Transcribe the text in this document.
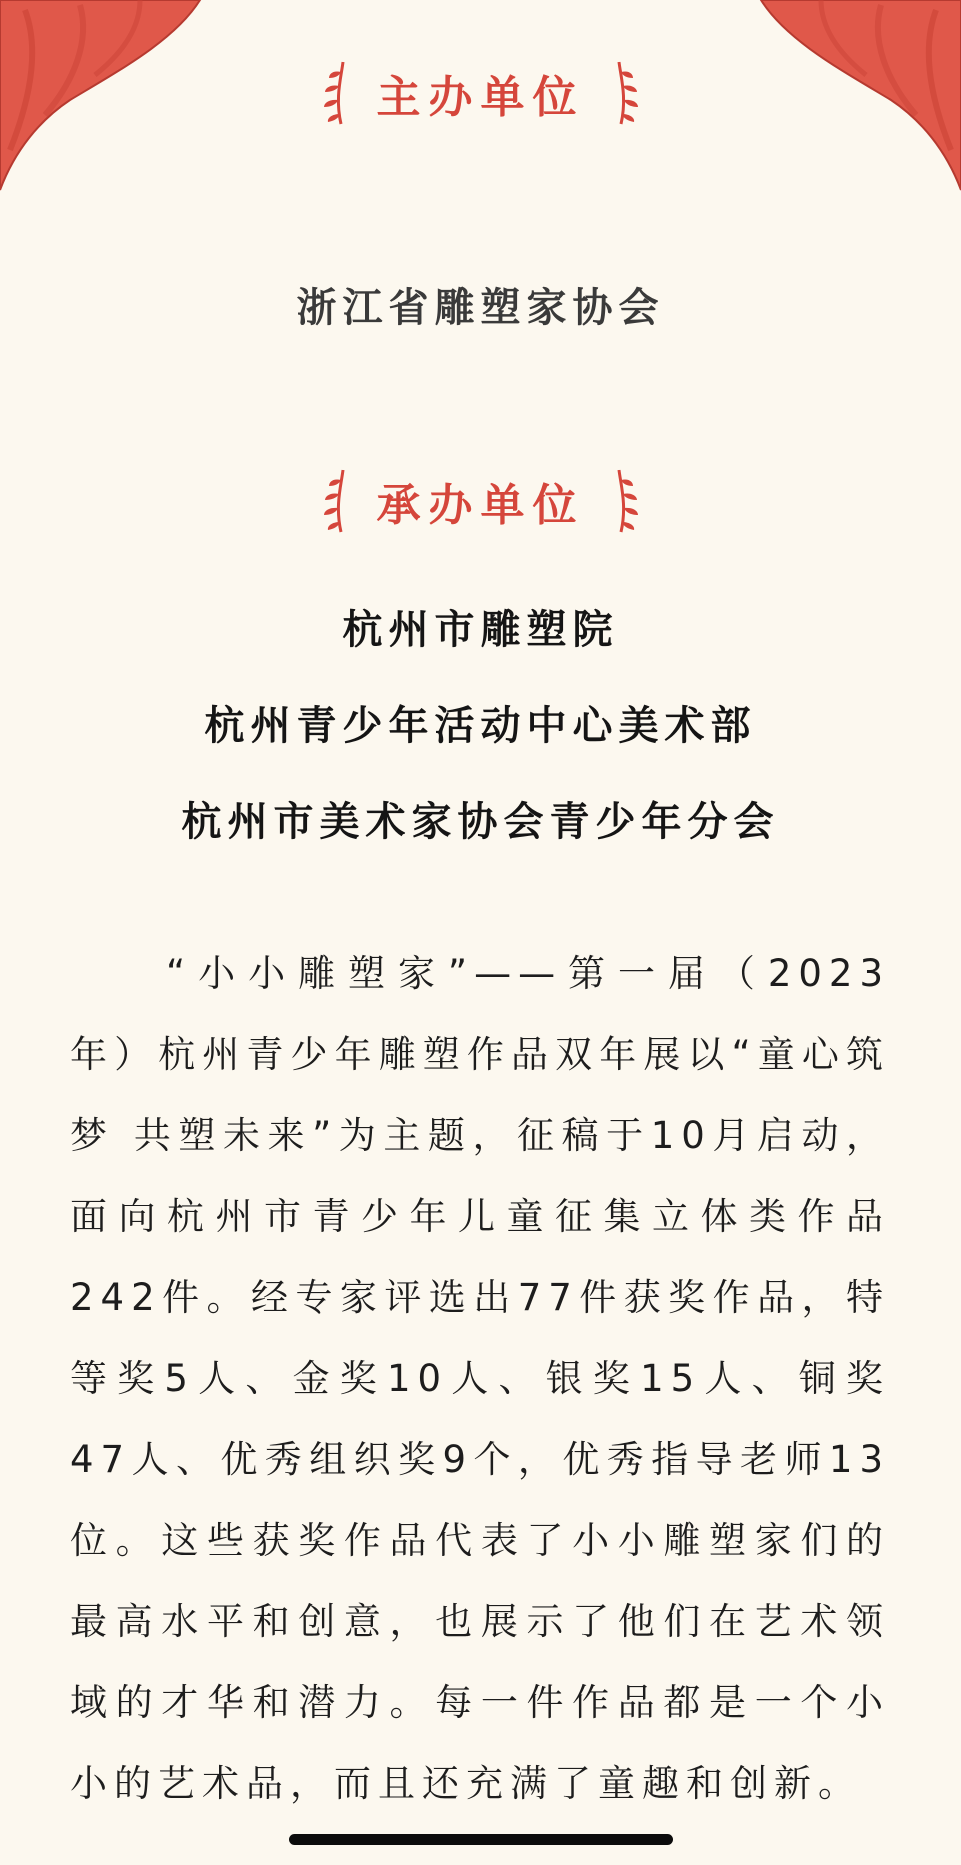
主办单位
浙江省雕塑家协会
承办单位
杭州市雕塑院
杭州青少年活动中心美术部
杭州市美术家协会青少年分会

“小小雕塑家”——第一届（2023年）杭州青少年雕塑作品双年展以“童心筑梦 共塑未来”为主题，征稿于10月启动，面向杭州市青少年儿童征集立体类作品242件。经专家评选出77件获奖作品，特等奖5人、金奖10人、银奖15人、铜奖47人、优秀组织奖9个，优秀指导老师13位。这些获奖作品代表了小小雕塑家们的最高水平和创意，也展示了他们在艺术领域的才华和潜力。每一件作品都是一个小小的艺术品，而且还充满了童趣和创新。
